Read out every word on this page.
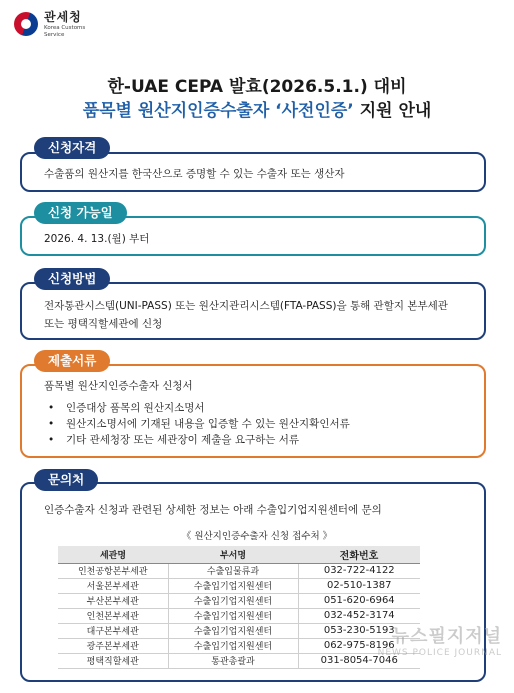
관세청
Korea Customs
Service
한-UAE CEPA 발효(2026.5.1.) 대비
품목별 원산지인증수출자 ‘사전인증’ 지원 안내
신청자격
수출품의 원산지를 한국산으로 증명할 수 있는 수출자 또는 생산자
신청 가능일
2026. 4. 13.(월) 부터
신청방법
전자통관시스템(UNI-PASS) 또는 원산지관리시스템(FTA-PASS)을 통해 관할지 본부세관
또는 평택직할세관에 신청
제출서류
품목별 원산지인증수출자 신청서
• 인증대상 품목의 원산지소명서
• 원산지소명서에 기재된 내용을 입증할 수 있는 원산지확인서류
• 기타 관세청장 또는 세관장이 제출을 요구하는 서류
문의처
인증수출자 신청과 관련된 상세한 정보는 아래 수출입기업지원센터에 문의
《 원산지인증수출자 신청 접수처 》
세관명	부서명	전화번호
인천공항본부세관	수출입물류과	032-722-4122
서울본부세관	수출입기업지원센터	02-510-1387
부산본부세관	수출입기업지원센터	051-620-6964
인천본부세관	수출입기업지원센터	032-452-3174
대구본부세관	수출입기업지원센터	053-230-5193
광주본부세관	수출입기업지원센터	062-975-8196
평택직할세관	통관총괄과	031-8054-7046
뉴스필지저널
NEWS POLICE JOURNAL
